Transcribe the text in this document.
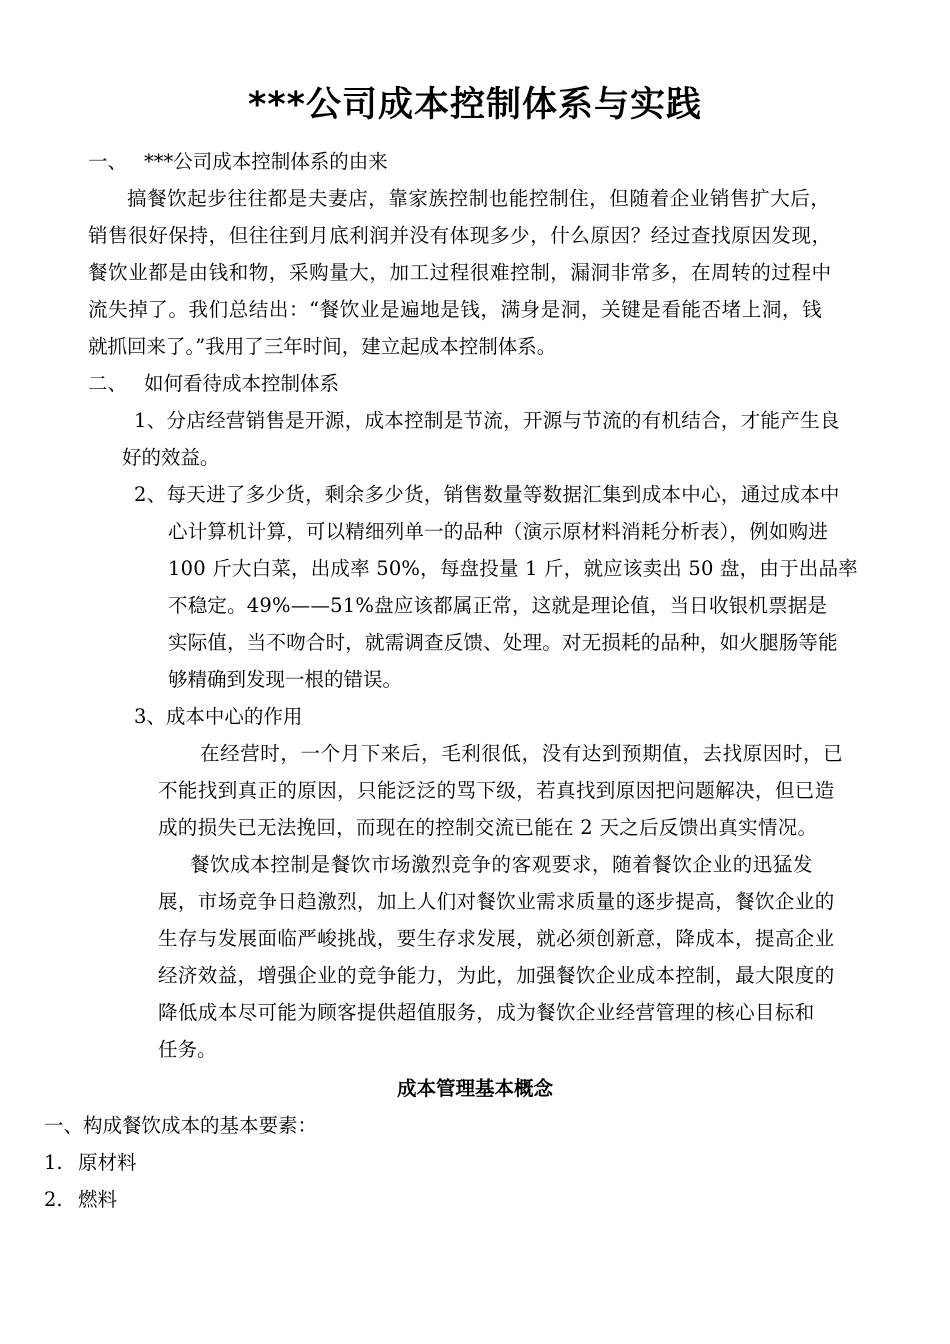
***公司成本控制体系与实践
一、 ***公司成本控制体系的由来
搞餐饮起步往往都是夫妻店，靠家族控制也能控制住，但随着企业销售扩大后，
销售很好保持，但往往到月底利润并没有体现多少，什么原因？经过查找原因发现，
餐饮业都是由钱和物，采购量大，加工过程很难控制，漏洞非常多，在周转的过程中
流失掉了。我们总结出：“餐饮业是遍地是钱，满身是洞，关键是看能否堵上洞，钱
就抓回来了。”我用了三年时间，建立起成本控制体系。
二、 如何看待成本控制体系
1、分店经营销售是开源，成本控制是节流，开源与节流的有机结合，才能产生良
好的效益。
2、每天进了多少货，剩余多少货，销售数量等数据汇集到成本中心，通过成本中
心计算机计算，可以精细列单一的品种（演示原材料消耗分析表），例如购进
100 斤大白菜，出成率 50%，每盘投量 1 斤，就应该卖出 50 盘，由于出品率
不稳定。49%——51%盘应该都属正常，这就是理论值，当日收银机票据是
实际值，当不吻合时，就需调查反馈、处理。对无损耗的品种，如火腿肠等能
够精确到发现一根的错误。
3、成本中心的作用
在经营时，一个月下来后，毛利很低，没有达到预期值，去找原因时，已
不能找到真正的原因，只能泛泛的骂下级，若真找到原因把问题解决，但已造
成的损失已无法挽回，而现在的控制交流已能在 2 天之后反馈出真实情况。
餐饮成本控制是餐饮市场激烈竞争的客观要求，随着餐饮企业的迅猛发
展，市场竞争日趋激烈，加上人们对餐饮业需求质量的逐步提高，餐饮企业的
生存与发展面临严峻挑战，要生存求发展，就必须创新意，降成本，提高企业
经济效益，增强企业的竞争能力，为此，加强餐饮企业成本控制，最大限度的
降低成本尽可能为顾客提供超值服务，成为餐饮企业经营管理的核心目标和
任务。
成本管理基本概念
一、构成餐饮成本的基本要素：
1. 原材料
2. 燃料
